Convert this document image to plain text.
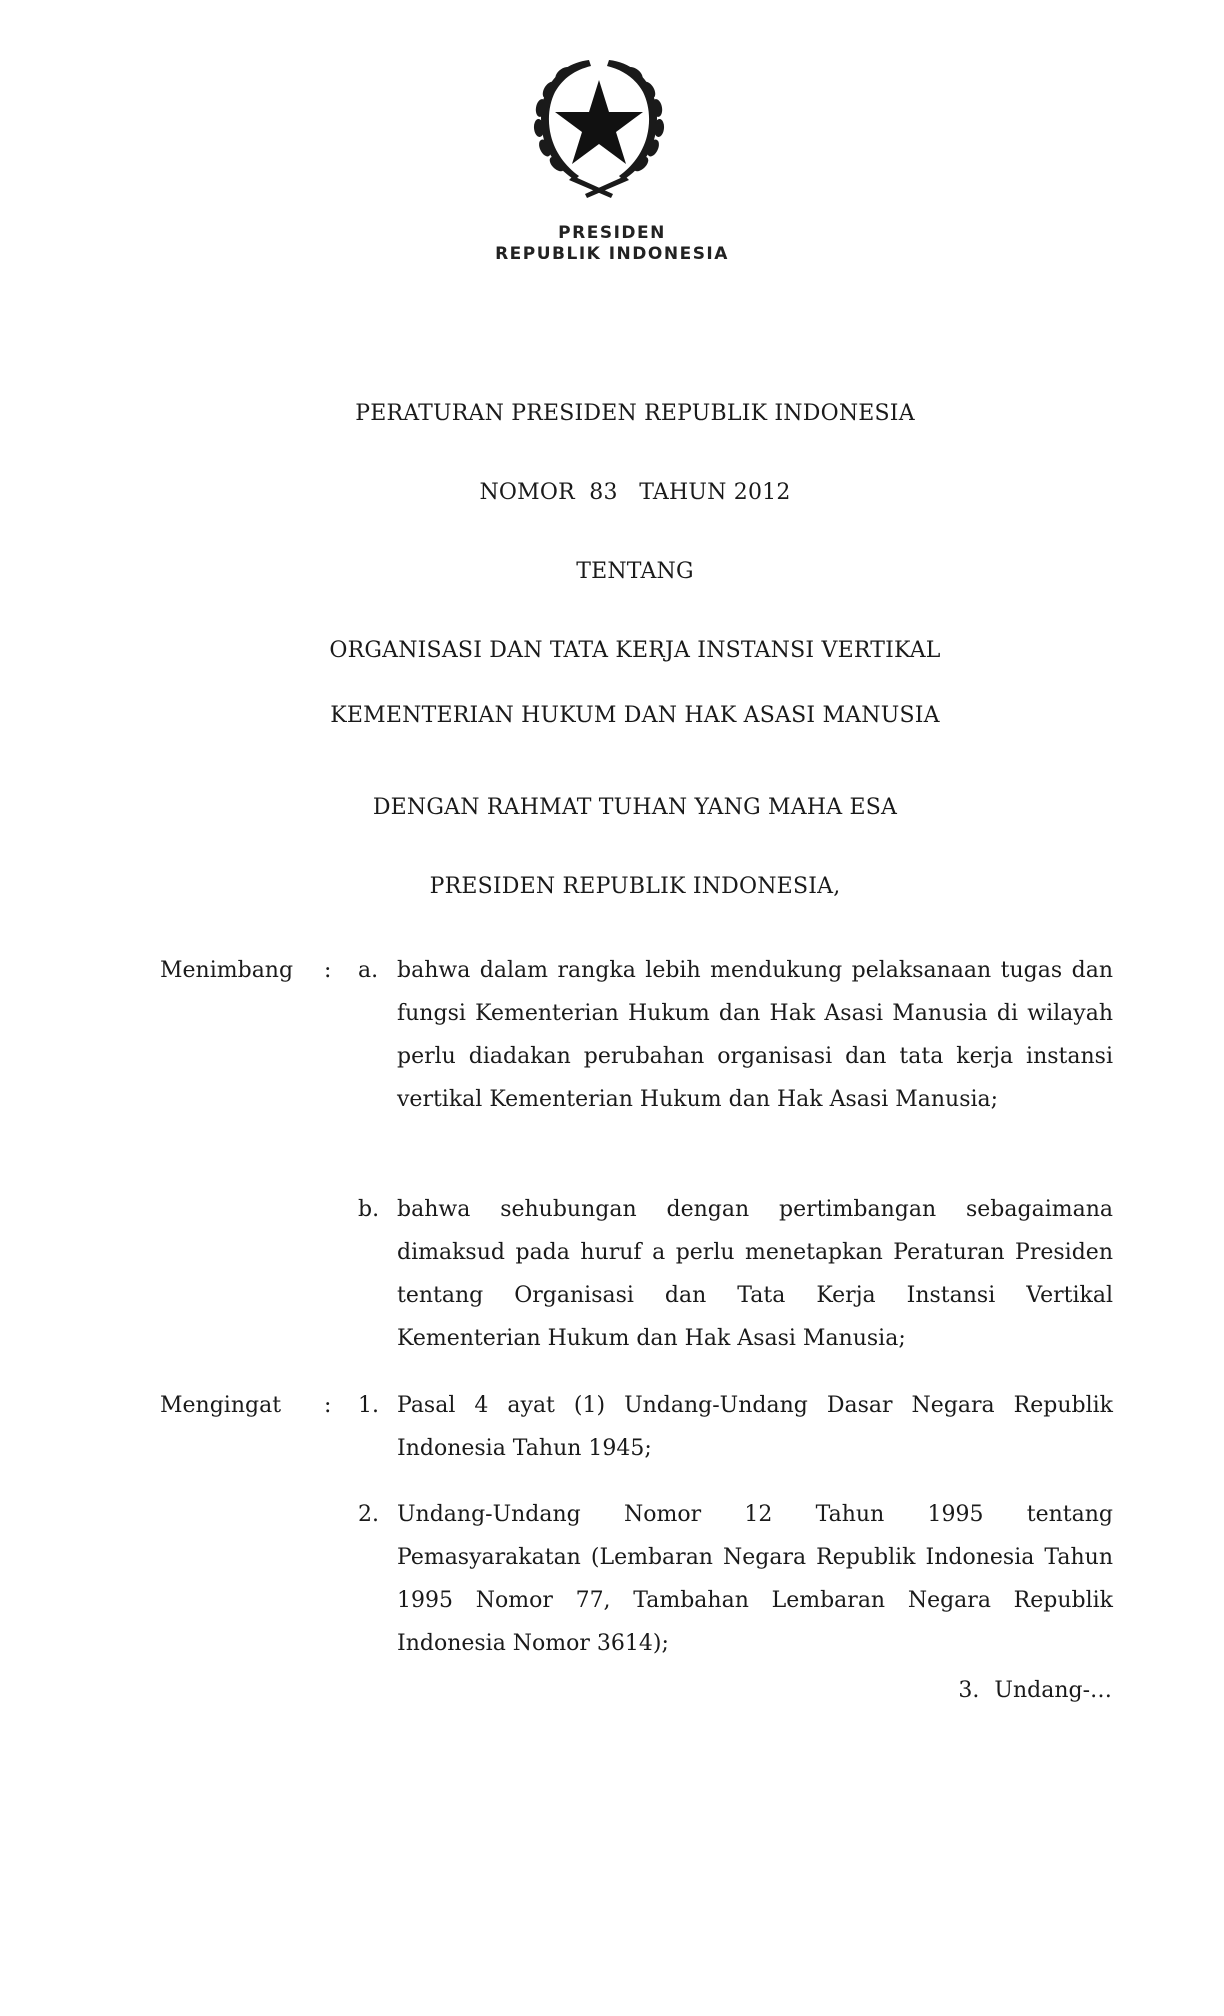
PRESIDEN
REPUBLIK INDONESIA
PERATURAN PRESIDEN REPUBLIK INDONESIA
NOMOR  83   TAHUN 2012
TENTANG
ORGANISASI DAN TATA KERJA INSTANSI VERTIKAL
KEMENTERIAN HUKUM DAN HAK ASASI MANUSIA
DENGAN RAHMAT TUHAN YANG MAHA ESA
PRESIDEN REPUBLIK INDONESIA,
Menimbang : a. bahwa dalam rangka lebih mendukung pelaksanaan tugas dan fungsi Kementerian Hukum dan Hak Asasi Manusia di wilayah perlu diadakan perubahan organisasi dan tata kerja instansi vertikal Kementerian Hukum dan Hak Asasi Manusia;
b. bahwa sehubungan dengan pertimbangan sebagaimana dimaksud pada huruf a perlu menetapkan Peraturan Presiden tentang Organisasi dan Tata Kerja Instansi Vertikal Kementerian Hukum dan Hak Asasi Manusia;
Mengingat : 1. Pasal 4 ayat (1) Undang-Undang Dasar Negara Republik Indonesia Tahun 1945;
2. Undang-Undang Nomor 12 Tahun 1995 tentang Pemasyarakatan (Lembaran Negara Republik Indonesia Tahun 1995 Nomor 77, Tambahan Lembaran Negara Republik Indonesia Nomor 3614);
3. Undang-…
